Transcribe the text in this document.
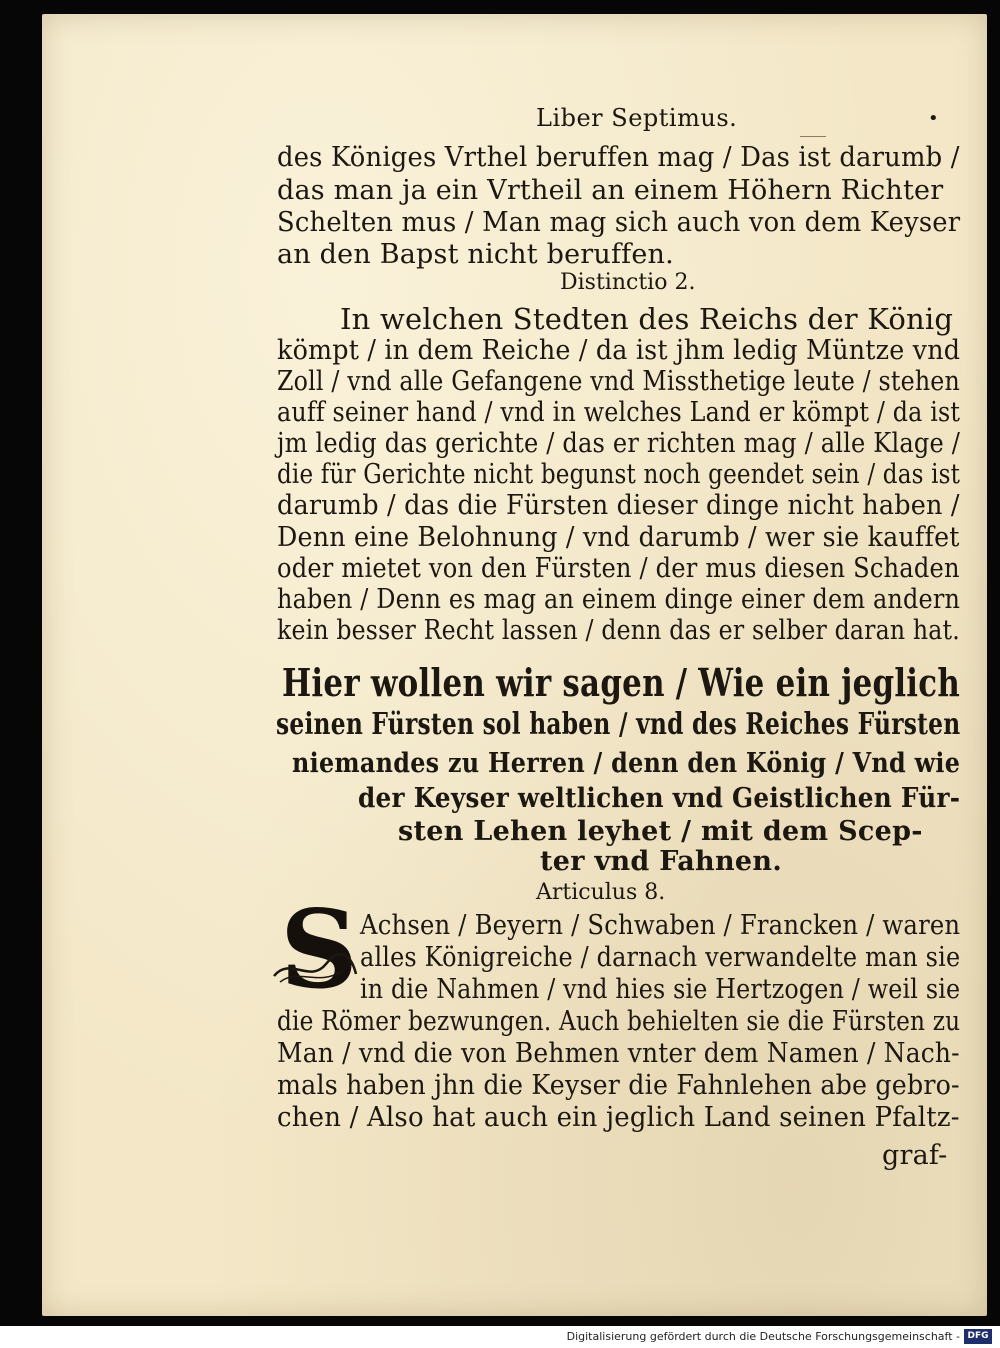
Liber Septimus.	•
des Königes Vrthel beruffen mag / Das ist darumb /
das man ja ein Vrtheil an einem Höhern Richter
Schelten mus / Man mag sich auch von dem Keyser
an den Bapst nicht beruffen.
Distinctio 2.
In welchen Stedten des Reichs der König
kömpt / in dem Reiche / da ist jhm ledig Müntze vnd
Zoll / vnd alle Gefangene vnd Missthetige leute / stehen
auff seiner hand / vnd in welches Land er kömpt / da ist
jm ledig das gerichte / das er richten mag / alle Klage /
die für Gerichte nicht begunst noch geendet sein / das ist
darumb / das die Fürsten dieser dinge nicht haben /
Denn eine Belohnung / vnd darumb / wer sie kauffet
oder mietet von den Fürsten / der mus diesen Schaden
haben / Denn es mag an einem dinge einer dem andern
kein besser Recht lassen / denn das er selber daran hat.
Hier wollen wir sagen / Wie ein jeglich
seinen Fürsten sol haben / vnd des Reiches Fürsten
niemandes zu Herren / denn den König / Vnd wie
der Keyser weltlichen vnd Geistlichen Für-
sten Lehen leyhet / mit dem Scep-
ter vnd Fahnen.
Articulus 8.
S Achsen / Beyern / Schwaben / Francken / waren
alles Königreiche / darnach verwandelte man sie
in die Nahmen / vnd hies sie Hertzogen / weil sie
die Römer bezwungen. Auch behielten sie die Fürsten zu
Man / vnd die von Behmen vnter dem Namen / Nach-
mals haben jhn die Keyser die Fahnlehen abe gebro-
chen / Also hat auch ein jeglich Land seinen Pfaltz-
graf-
Digitalisierung gefördert durch die Deutsche Forschungsgemeinschaft - DFG
